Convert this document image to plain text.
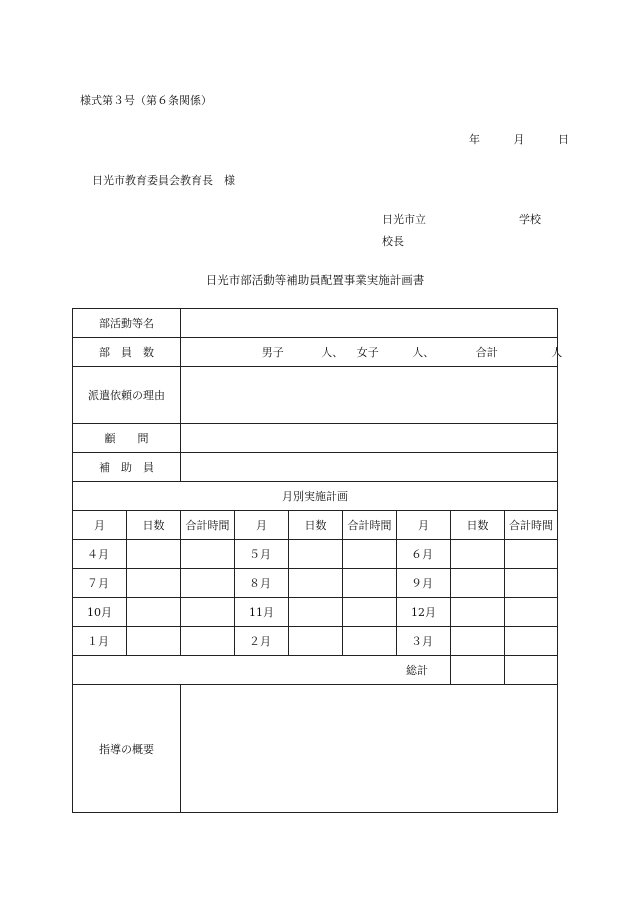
様式第３号（第６条関係）
年	月	日
日光市教育委員会教育長　様
日光市立	学校
校長
日光市部活動等補助員配置事業実施計画書
部活動等名								
部　員　数		男子 人、 女子 人、 合計 人						
派遣依頼の理由								
顧　　問								
補　助　員								
月別実施計画								
月	日数	合計時間	月	日数	合計時間	月	日数	合計時間
４月			５月			６月		
７月			８月			９月		
10月			11月			12月		
１月			２月			３月		
総計								
指導の概要								
